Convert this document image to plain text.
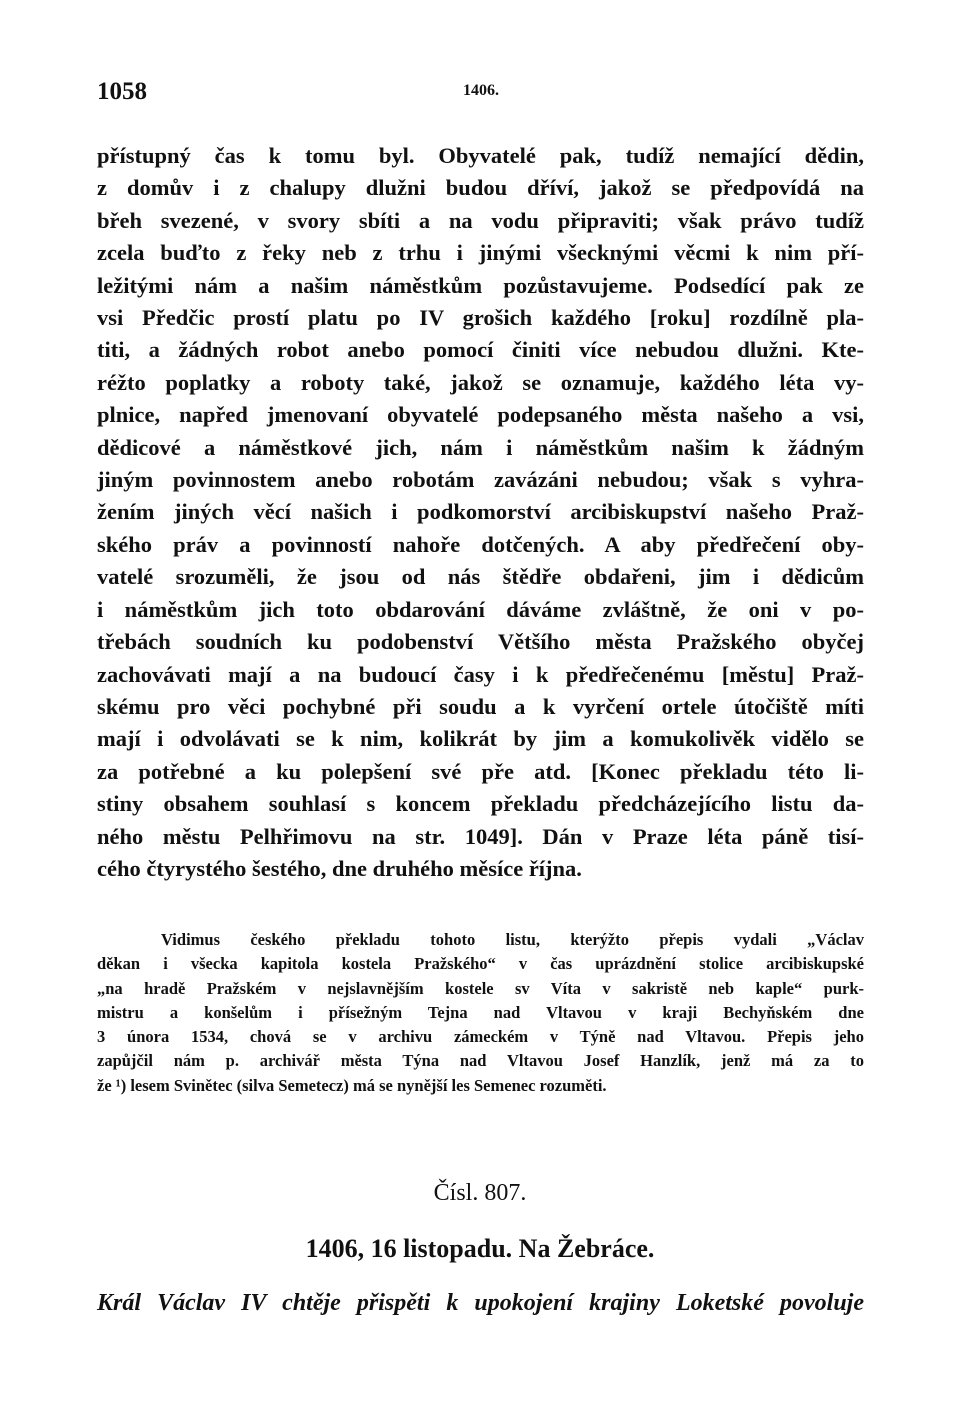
1058	1406.
přístupný čas k tomu byl. Obyvatelé pak, tudíž nemající dědin,
z domův i z chalupy dlužni budou dříví, jakož se předpovídá na
břeh svezené, v svory sbíti a na vodu připraviti; však právo tudíž
zcela buďto z řeky neb z trhu i jinými všecknými věcmi k nim pří-
ležitými nám a našim náměstkům pozůstavujeme. Podsedící pak ze
vsi Předčic prostí platu po IV grošich každého [roku] rozdílně pla-
titi, a žádných robot anebo pomocí činiti více nebudou dlužni. Kte-
réžto poplatky a roboty také, jakož se oznamuje, každého léta vy-
plnice, napřed jmenovaní obyvatelé podepsaného města našeho a vsi,
dědicové a náměstkové jich, nám i náměstkům našim k žádným
jiným povinnostem anebo robotám zavázáni nebudou; však s vyhra-
žením jiných věcí našich i podkomorství arcibiskupství našeho Praž-
ského práv a povinností nahoře dotčených. A aby předřečení oby-
vatelé srozuměli, že jsou od nás štědře obdařeni, jim i dědicům
i náměstkům jich toto obdarování dáváme zvláštně, že oni v po-
třebách soudních ku podobenství Většího města Pražského obyčej
zachovávati mají a na budoucí časy i k předřečenému [městu] Praž-
skému pro věci pochybné při soudu a k vyrčení ortele útočiště míti
mají i odvolávati se k nim, kolikrát by jim a komukolivěk vidělo se
za potřebné a ku polepšení své pře atd. [Konec překladu této li-
stiny obsahem souhlasí s koncem překladu předcházejícího listu da-
ného městu Pelhřimovu na str. 1049]. Dán v Praze léta páně tisí-
cého čtyrystého šestého, dne druhého měsíce října.
Vidimus českého překladu tohoto listu, kterýžto přepis vydali „Václav
děkan i všecka kapitola kostela Pražského“ v čas uprázdnění stolice arcibiskupské
„na hradě Pražském v nejslavnějším kostele sv Víta v sakristě neb kaple“ purk-
mistru a konšelům i přísežným Tejna nad Vltavou v kraji Bechyňském dne
3 února 1534, chová se v archivu zámeckém v Týně nad Vltavou. Přepis jeho
zapůjčil nám p. archivář města Týna nad Vltavou Josef Hanzlík, jenž má za to
že ¹) lesem Svinětec (silva Semetecz) má se nynější les Semenec rozuměti.
Čísl. 807.
1406, 16 listopadu. Na Žebráce.
Král Václav IV chtěje přispěti k upokojení krajiny Loketské povoluje
